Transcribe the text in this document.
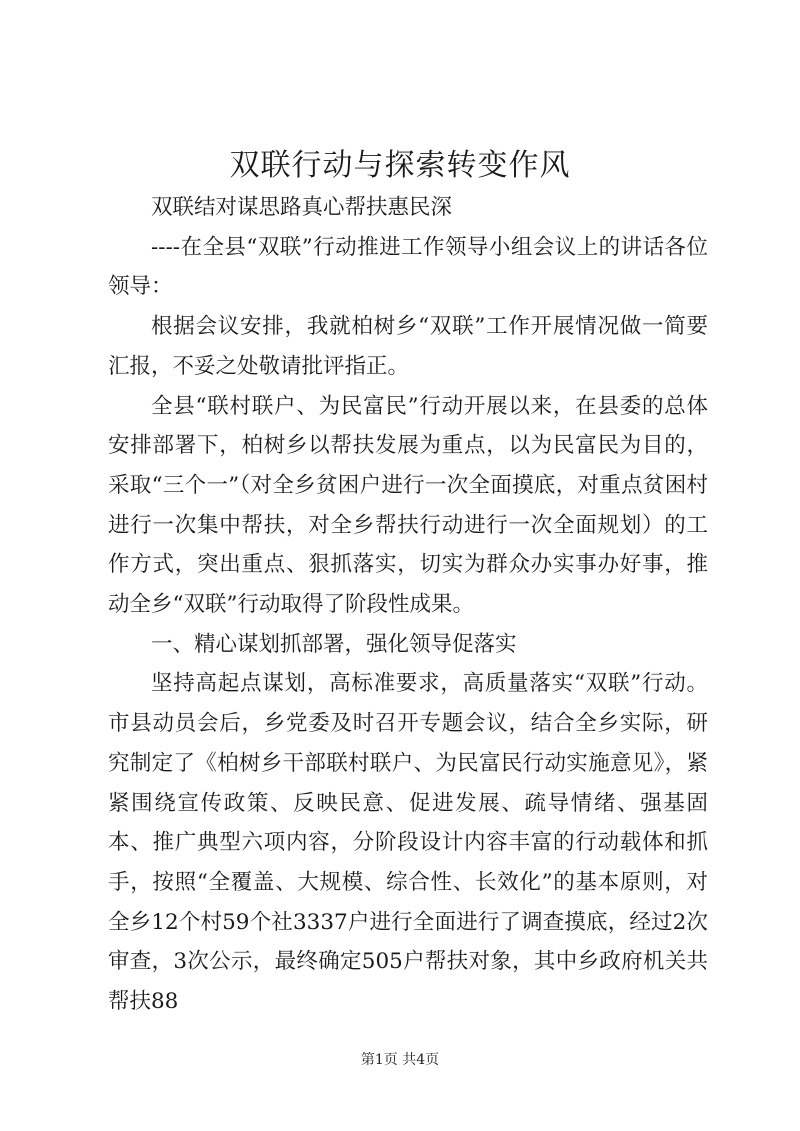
双联行动与探索转变作风

双联结对谋思路真心帮扶惠民深

----在全县“双联”行动推进工作领导小组会议上的讲话各位领导：

根据会议安排，我就柏树乡“双联”工作开展情况做一简要汇报，不妥之处敬请批评指正。

全县“联村联户、为民富民”行动开展以来，在县委的总体安排部署下，柏树乡以帮扶发展为重点，以为民富民为目的，采取“三个一”（对全乡贫困户进行一次全面摸底，对重点贫困村进行一次集中帮扶，对全乡帮扶行动进行一次全面规划）的工作方式，突出重点、狠抓落实，切实为群众办实事办好事，推动全乡“双联”行动取得了阶段性成果。

一、精心谋划抓部署，强化领导促落实

坚持高起点谋划，高标准要求，高质量落实“双联”行动。市县动员会后，乡党委及时召开专题会议，结合全乡实际，研究制定了《柏树乡干部联村联户、为民富民行动实施意见》，紧紧围绕宣传政策、反映民意、促进发展、疏导情绪、强基固本、推广典型六项内容，分阶段设计内容丰富的行动载体和抓手，按照“全覆盖、大规模、综合性、长效化”的基本原则，对全乡12个村59个社3337户进行全面进行了调查摸底，经过2次审查，3次公示，最终确定505户帮扶对象，其中乡政府机关共帮扶88

第1页 共4页
